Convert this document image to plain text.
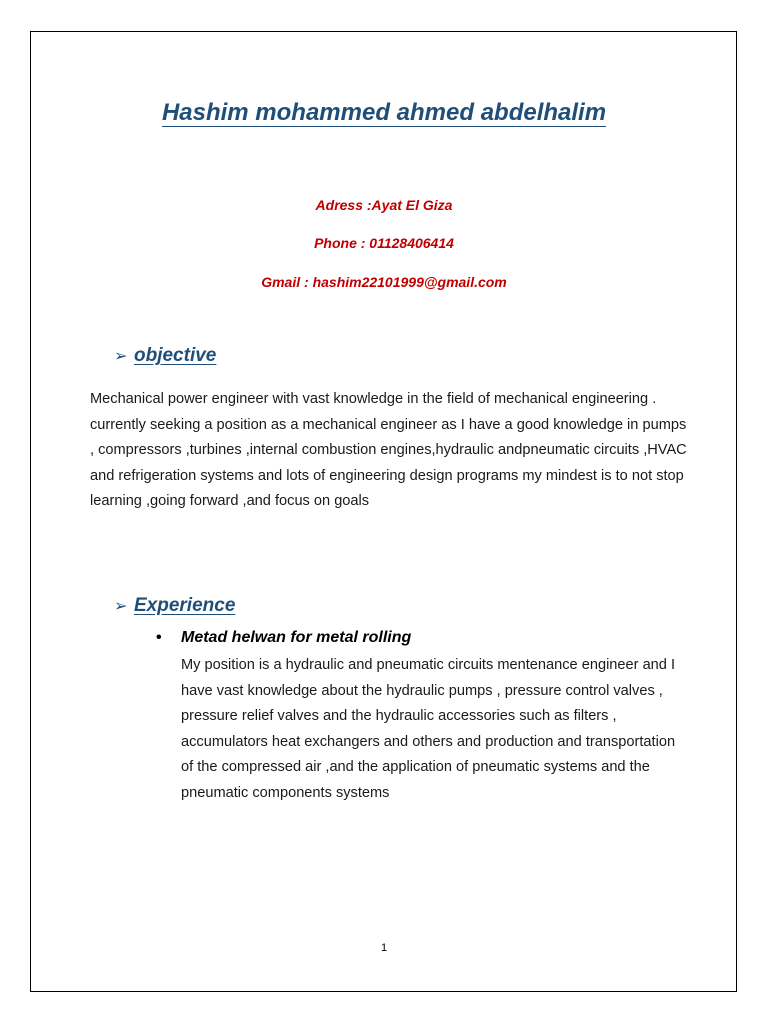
Hashim mohammed ahmed abdelhalim
Adress :Ayat El Giza
Phone : 01128406414
Gmail : hashim22101999@gmail.com
➢ objective
Mechanical power engineer with vast knowledge in the field of mechanical engineering . currently seeking a position as a mechanical engineer as I have a good knowledge in pumps , compressors ,turbines ,internal combustion engines,hydraulic andpneumatic circuits ,HVAC and refrigeration systems and lots of engineering design programs my mindest is to not stop learning ,going forward ,and focus on goals
➢ Experience
• Metad helwan for metal rolling
My position is a hydraulic and pneumatic circuits mentenance engineer and I have vast knowledge about the hydraulic pumps , pressure control valves , pressure relief valves and the hydraulic accessories such as filters , accumulators heat exchangers and others and production and transportation of the compressed air ,and the application of pneumatic systems and the pneumatic components systems
1
